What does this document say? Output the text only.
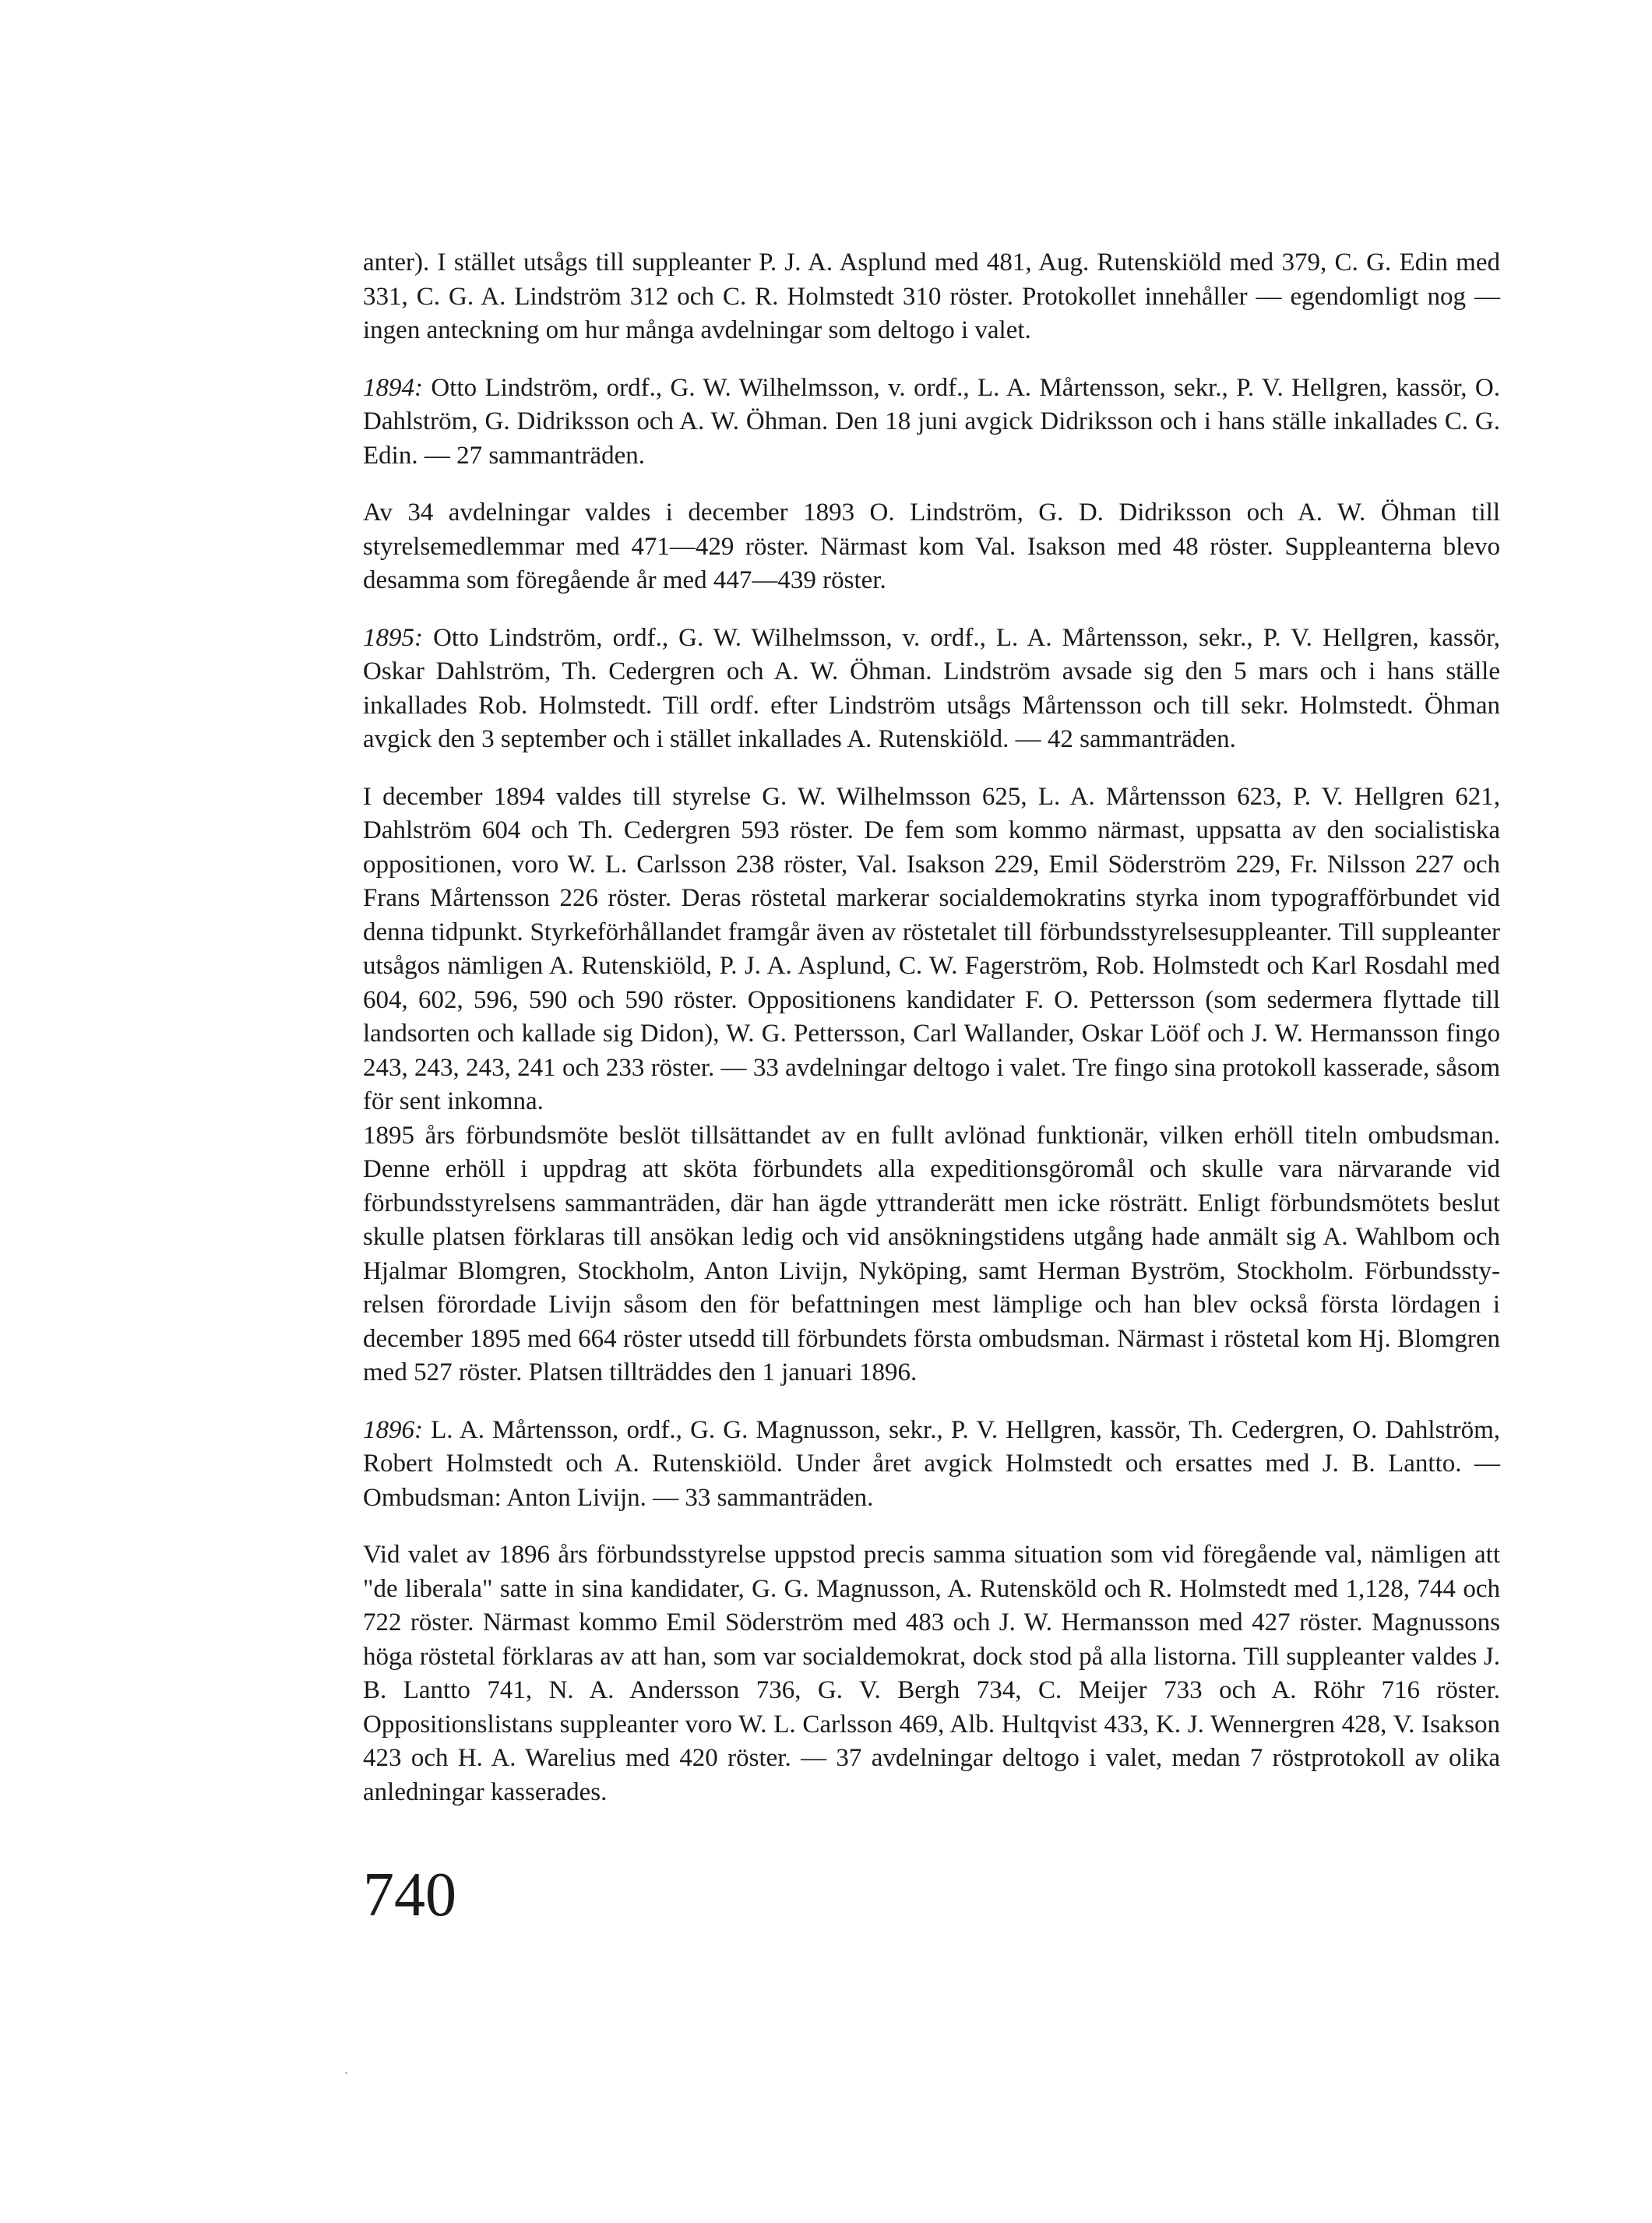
anter). I stället utsågs till suppleanter P. J. A. Asplund med 481, Aug. Rutenskiöld med 379, C. G. Edin med 331, C. G. A. Lindström 312 och C. R. Holmstedt 310 röster. Protokollet innehåller — egendomligt nog — ingen anteckning om hur många avdelningar som deltogo i valet.

1894: Otto Lindström, ordf., G. W. Wilhelmsson, v. ordf., L. A. Mårtensson, sekr., P. V. Hellgren, kassör, O. Dahlström, G. Didriksson och A. W. Öhman. Den 18 juni avgick Didriksson och i hans ställe inkallades C. G. Edin. — 27 sammanträden.

Av 34 avdelningar valdes i december 1893 O. Lindström, G. D. Didriksson och A. W. Öhman till styrelsemedlemmar med 471—429 röster. Närmast kom Val. Isakson med 48 röster. Suppleanterna blevo desamma som föregående år med 447—439 röster.

1895: Otto Lindström, ordf., G. W. Wilhelmsson, v. ordf., L. A. Mårtensson, sekr., P. V. Hellgren, kassör, Oskar Dahlström, Th. Cedergren och A. W. Öhman. Lindström avsade sig den 5 mars och i hans ställe inkallades Rob. Holmstedt. Till ordf. efter Lindström utsågs Mårtensson och till sekr. Holmstedt. Öhman avgick den 3 september och i stället inkallades A. Rutenskiöld. — 42 sammanträden.

I december 1894 valdes till styrelse G. W. Wilhelmsson 625, L. A. Mårtensson 623, P. V. Hellgren 621, Dahlström 604 och Th. Cedergren 593 röster. De fem som kommo närmast, uppsatta av den socialistiska oppositionen, voro W. L. Carlsson 238 röster, Val. Isakson 229, Emil Söderström 229, Fr. Nilsson 227 och Frans Mårtensson 226 röster. Deras röstetal markerar socialdemokratins styrka inom typografförbundet vid denna tidpunkt. Styrkeförhållandet framgår även av röstetalet till förbundsstyrelsesuppleanter. Till suppleanter utsågos nämligen A. Rutenskiöld, P. J. A. Asplund, C. W. Fagerström, Rob. Holmstedt och Karl Rosdahl med 604, 602, 596, 590 och 590 röster. Oppositionens kandidater F. O. Pettersson (som sedermera flyttade till landsorten och kallade sig Didon), W. G. Pettersson, Carl Wallander, Oskar Lööf och J. W. Hermansson fingo 243, 243, 243, 241 och 233 röster. — 33 avdelningar deltogo i valet. Tre fingo sina protokoll kasserade, såsom för sent inkomna.

1895 års förbundsmöte beslöt tillsättandet av en fullt avlönad funktionär, vilken erhöll titeln ombudsman. Denne erhöll i uppdrag att sköta förbundets alla expeditionsgöromål och skulle vara närvarande vid förbundsstyrelsens sammanträden, där han ägde yttranderätt men icke rösträtt. Enligt förbundsmötets beslut skulle platsen förklaras till ansökan ledig och vid ansökningstidens utgång hade anmält sig A. Wahlbom och Hjalmar Blomgren, Stockholm, Anton Livijn, Nyköping, samt Herman Byström, Stockholm. Förbundsstyrelsen förordade Livijn såsom den för befattningen mest lämplige och han blev också första lördagen i december 1895 med 664 röster utsedd till förbundets första ombudsman. Närmast i röstetal kom Hj. Blomgren med 527 röster. Platsen tillträddes den 1 januari 1896.

1896: L. A. Mårtensson, ordf., G. G. Magnusson, sekr., P. V. Hellgren, kassör, Th. Cedergren, O. Dahlström, Robert Holmstedt och A. Rutenskiöld. Under året avgick Holmstedt och ersattes med J. B. Lantto. — Ombudsman: Anton Livijn. — 33 sammanträden.

Vid valet av 1896 års förbundsstyrelse uppstod precis samma situation som vid föregående val, nämligen att "de liberala" satte in sina kandidater, G. G. Magnusson, A. Rutensköld och R. Holmstedt med 1,128, 744 och 722 röster. Närmast kommo Emil Söderström med 483 och J. W. Hermansson med 427 röster. Magnussons höga röstetal förklaras av att han, som var socialdemokrat, dock stod på alla listorna. Till suppleanter valdes J. B. Lantto 741, N. A. Andersson 736, G. V. Bergh 734, C. Meijer 733 och A. Röhr 716 röster. Oppositionslistans suppleanter voro W. L. Carlsson 469, Alb. Hultqvist 433, K. J. Wennergren 428, V. Isakson 423 och H. A. Warelius med 420 röster. — 37 avdelningar deltogo i valet, medan 7 röstprotokoll av olika anledningar kasserades.

740
